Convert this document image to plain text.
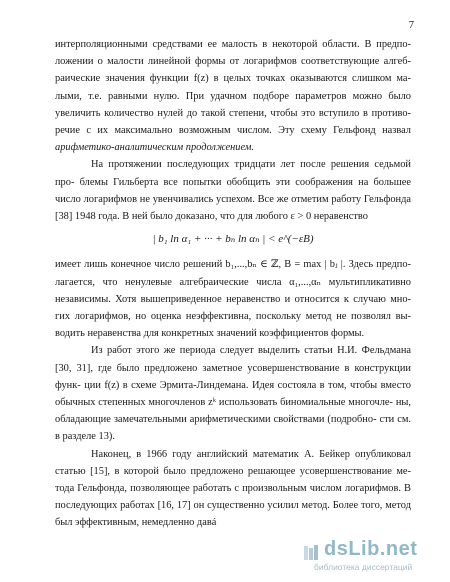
7

интерполяционными средствами ее малость в некоторой области. В предпо- ложении о малости линейной формы от логарифмов соответствующие алгеб- раические значения функции f(z) в целых точках оказываются слишком ма- лыми, т.е. равными нулю. При удачном подборе параметров можно было увеличить количество нулей до такой степени, чтобы это вступило в противо- речие с их максимально возможным числом. Эту схему Гельфонд назвал арифметико-аналитическим продолжением.

На протяжении последующих тридцати лет после решения седьмой про- блемы Гильберта все попытки обобщить эти соображения на большее число логарифмов не увенчивались успехом. Все же отметим работу Гельфонда [38] 1948 года. В ней было доказано, что для любого ε > 0 неравенство

| b₁ ln α₁ + ··· + bₙ ln αₙ | < e^(−εB)

имеет лишь конечное число решений b₁,...,bₙ ∈ ℤ, B = max | bⱼ |. Здесь предпо- лагается, что ненулевые алгебраические числа α₁,...,αₙ мультипликативно независимы. Хотя вышеприведенное неравенство и относится к случаю мно- гих логарифмов, но оценка неэффективна, поскольку метод не позволял вы- водить неравенства для конкретных значений коэффициентов формы.

Из работ этого же периода следует выделить статьи Н.И. Фельдмана [30, 31], где было предложено заметное усовершенствование в конструкции функ- ции f(z) в схеме Эрмита-Линдемана. Идея состояла в том, чтобы вместо обычных степенных многочленов zᵏ использовать биномиальные многочле- ны, обладающие замечательными арифметическими свойствами (подробно- сти см. в разделе 13).

Наконец, в 1966 году английский математик А. Бейкер опубликовал статью [15], в которой было предложено решающее усовершенствование ме- тода Гельфонда, позволяющее работать с произвольным числом логарифмов. В последующих работах [16, 17] он существенно усилил метод. Более того, метод был эффективным, немедленно давá

dsLib.net
библиотека диссертаций
